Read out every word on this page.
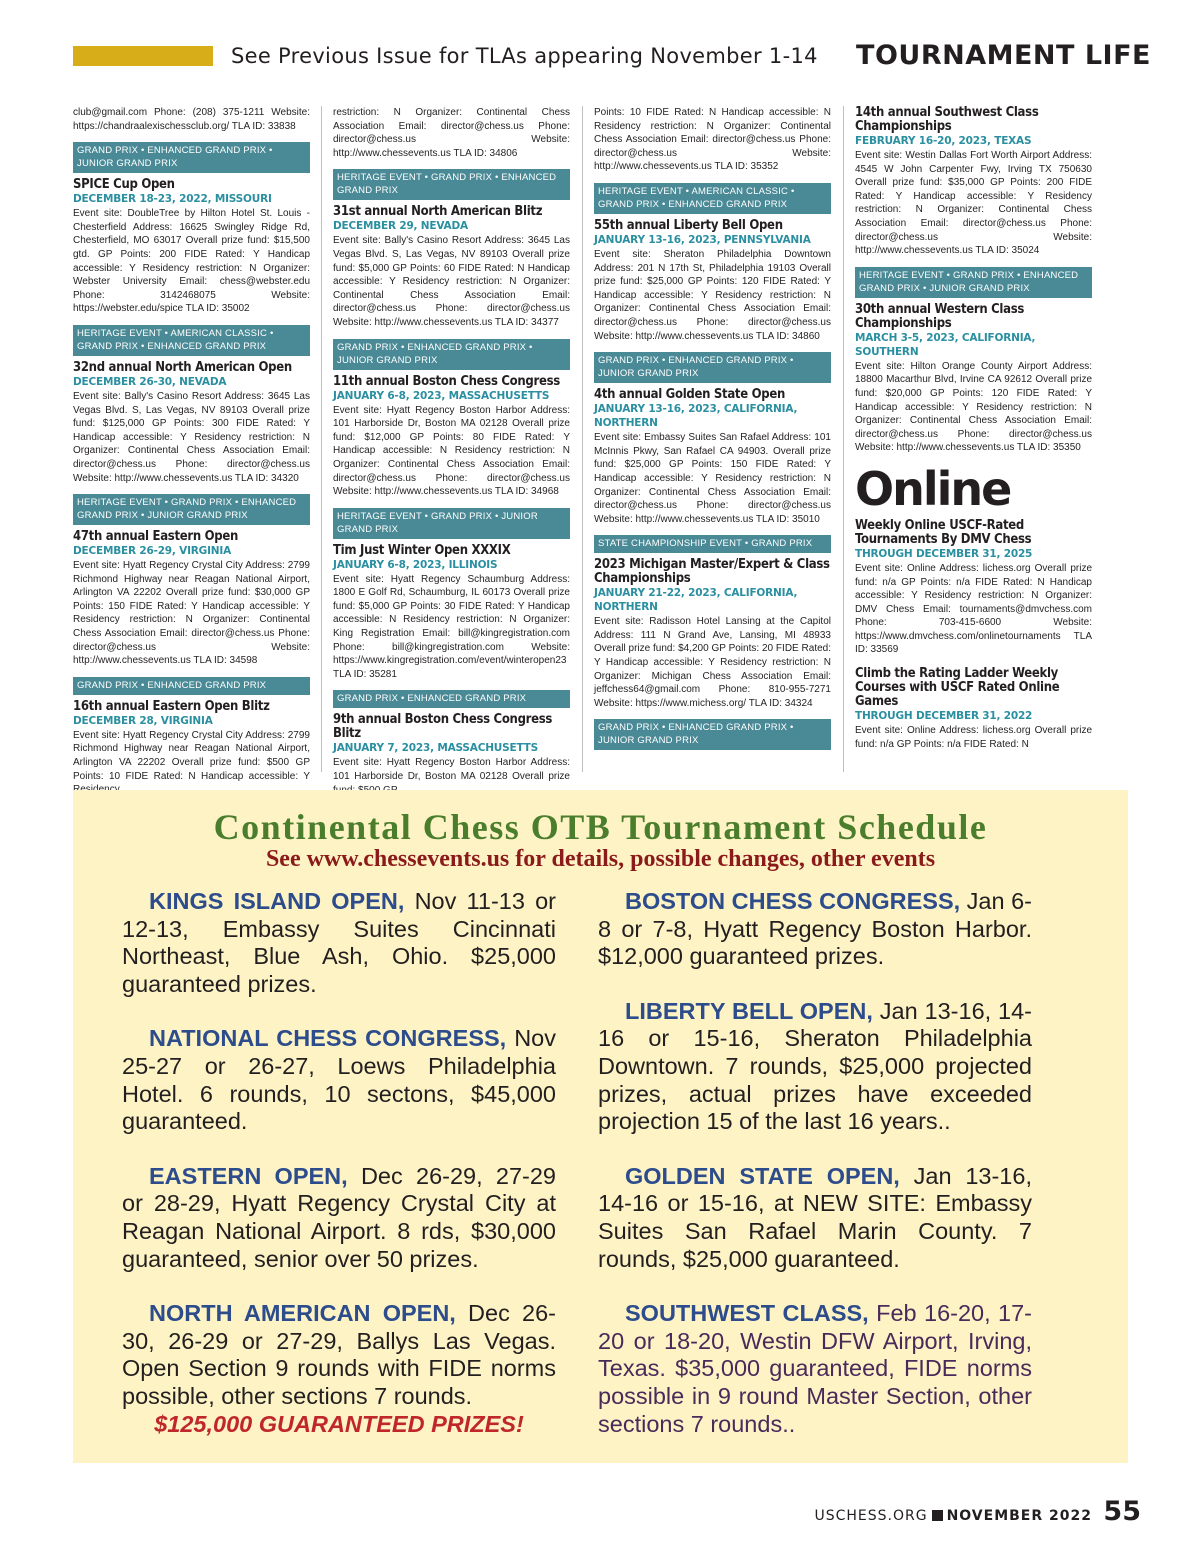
See Previous Issue for TLAs appearing November 1-14 TOURNAMENT LIFE
club@gmail.com Phone: (208) 375-1211 Website: https://chandraalexischessclub.org/ TLA ID: 33838
GRAND PRIX • ENHANCED GRAND PRIX • JUNIOR GRAND PRIX
SPICE Cup Open
DECEMBER 18-23, 2022, MISSOURI
Event site: DoubleTree by Hilton Hotel St. Louis - Chesterfield Address: 16625 Swingley Ridge Rd, Chesterfield, MO 63017 Overall prize fund: $15,500 gtd. GP Points: 200 FIDE Rated: Y Handicap accessible: Y Residency restriction: N Organizer: Webster University Email: chess@webster.edu Phone: 3142468075 Website: https://webster.edu/spice TLA ID: 35002
HERITAGE EVENT • AMERICAN CLASSIC • GRAND PRIX • ENHANCED GRAND PRIX
32nd annual North American Open
DECEMBER 26-30, NEVADA
Event site: Bally's Casino Resort Address: 3645 Las Vegas Blvd. S, Las Vegas, NV 89103 Overall prize fund: $125,000 GP Points: 300 FIDE Rated: Y Handicap accessible: Y Residency restriction: N Organizer: Continental Chess Association Email: director@chess.us Phone: director@chess.us Website: http://www.chessevents.us TLA ID: 34320
HERITAGE EVENT • GRAND PRIX • ENHANCED GRAND PRIX • JUNIOR GRAND PRIX
47th annual Eastern Open
DECEMBER 26-29, VIRGINIA
Event site: Hyatt Regency Crystal City Address: 2799 Richmond Highway near Reagan National Airport, Arlington VA 22202 Overall prize fund: $30,000 GP Points: 150 FIDE Rated: Y Handicap accessible: Y Residency restriction: N Organizer: Continental Chess Association Email: director@chess.us Phone: director@chess.us Website: http://www.chessevents.us TLA ID: 34598
GRAND PRIX • ENHANCED GRAND PRIX
16th annual Eastern Open Blitz
DECEMBER 28, VIRGINIA
Event site: Hyatt Regency Crystal City Address: 2799 Richmond Highway near Reagan National Airport, Arlington VA 22202 Overall prize fund: $500 GP Points: 10 FIDE Rated: N Handicap accessible: Y
restriction: N Organizer: Continental Chess Association Email: director@chess.us Phone: director@chess.us Website: http://www.chessevents.us TLA ID: 34806
HERITAGE EVENT • GRAND PRIX • ENHANCED GRAND PRIX
31st annual North American Blitz
DECEMBER 29, NEVADA
Event site: Bally's Casino Resort Address: 3645 Las Vegas Blvd. S, Las Vegas, NV 89103 Overall prize fund: $5,000 GP Points: 60 FIDE Rated: N Handicap accessible: Y Residency restriction: N Organizer: Continental Chess Association Email: director@chess.us Phone: director@chess.us Website: http://www.chessevents.us TLA ID: 34377
GRAND PRIX • ENHANCED GRAND PRIX • JUNIOR GRAND PRIX
11th annual Boston Chess Congress
JANUARY 6-8, 2023, MASSACHUSETTS
Event site: Hyatt Regency Boston Harbor Address: 101 Harborside Dr, Boston MA 02128 Overall prize fund: $12,000 GP Points: 80 FIDE Rated: Y Handicap accessible: N Residency restriction: N Organizer: Continental Chess Association Email: director@chess.us Phone: director@chess.us Website: http://www.chessevents.us TLA ID: 34968
HERITAGE EVENT • GRAND PRIX • JUNIOR GRAND PRIX
Tim Just Winter Open XXXIX
JANUARY 6-8, 2023, ILLINOIS
Event site: Hyatt Regency Schaumburg Address: 1800 E Golf Rd, Schaumburg, IL 60173 Overall prize fund: $5,000 GP Points: 30 FIDE Rated: Y Handicap accessible: N Residency restriction: N Organizer: King Registration Email: bill@kingregistration.com Phone: bill@kingregistration.com Website: https://www.kingregistration.com/event/winteropen23 TLA ID: 35281
GRAND PRIX • ENHANCED GRAND PRIX
9th annual Boston Chess Congress Blitz
JANUARY 7, 2023, MASSACHUSETTS
Event site: Hyatt Regency Boston Harbor Address: 101 Harborside Dr, Boston MA 02128 Overall prize
Points: 10 FIDE Rated: N Handicap accessible: N Residency restriction: N Organizer: Continental Chess Association Email: director@chess.us Phone: director@chess.us Website: http://www.chessevents.us TLA ID: 35352
HERITAGE EVENT • AMERICAN CLASSIC • GRAND PRIX • ENHANCED GRAND PRIX
55th annual Liberty Bell Open
JANUARY 13-16, 2023, PENNSYLVANIA
Event site: Sheraton Philadelphia Downtown Address: 201 N 17th St, Philadelphia 19103 Overall prize fund: $25,000 GP Points: 120 FIDE Rated: Y Handicap accessible: Y Residency restriction: N Organizer: Continental Chess Association Email: director@chess.us Phone: director@chess.us Website: http://www.chessevents.us TLA ID: 34860
GRAND PRIX • ENHANCED GRAND PRIX • JUNIOR GRAND PRIX
4th annual Golden State Open
JANUARY 13-16, 2023, CALIFORNIA, NORTHERN
Event site: Embassy Suites San Rafael Address: 101 McInnis Pkwy, San Rafael CA 94903. Overall prize fund: $25,000 GP Points: 150 FIDE Rated: Y Handicap accessible: Y Residency restriction: N Organizer: Continental Chess Association Email: director@chess.us Phone: director@chess.us Website: http://www.chessevents.us TLA ID: 35010
STATE CHAMPIONSHIP EVENT • GRAND PRIX
2023 Michigan Master/Expert & Class Championships
JANUARY 21-22, 2023, CALIFORNIA, NORTHERN
Event site: Radisson Hotel Lansing at the Capitol Address: 111 N Grand Ave, Lansing, MI 48933 Overall prize fund: $4,200 GP Points: 20 FIDE Rated: Y Handicap accessible: Y Residency restriction: N Organizer: Michigan Chess Association Email: jeffchess64@gmail.com Phone: 810-955-7271 Website: https://www.michess.org/ TLA ID: 34324
GRAND PRIX • ENHANCED GRAND PRIX • JUNIOR GRAND PRIX
14th annual Southwest Class Championships
FEBRUARY 16-20, 2023, TEXAS
Event site: Westin Dallas Fort Worth Airport Address: 4545 W John Carpenter Fwy, Irving TX 750630 Overall prize fund: $35,000 GP Points: 200 FIDE Rated: Y Handicap accessible: Y Residency restriction: N Organizer: Continental Chess Association Email: director@chess.us Phone: director@chess.us Website: http://www.chessevents.us TLA ID: 35024
HERITAGE EVENT • GRAND PRIX • ENHANCED GRAND PRIX • JUNIOR GRAND PRIX
30th annual Western Class Championships
MARCH 3-5, 2023, CALIFORNIA, SOUTHERN
Event site: Hilton Orange County Airport Address: 18800 Macarthur Blvd, Irvine CA 92612 Overall prize fund: $20,000 GP Points: 120 FIDE Rated: Y Handicap accessible: Y Residency restriction: N Organizer: Continental Chess Association Email: director@chess.us Phone: director@chess.us Website: http://www.chessevents.us TLA ID: 35350
Online
Weekly Online USCF-Rated Tournaments By DMV Chess
THROUGH DECEMBER 31, 2025
Event site: Online Address: lichess.org Overall prize fund: n/a GP Points: n/a FIDE Rated: N Handicap accessible: Y Residency restriction: N Organizer: DMV Chess Email: tournaments@dmvchess.com Phone: 703-415-6600 Website: https://www.dmvchess.com/onlinetournaments TLA ID: 33569
Climb the Rating Ladder Weekly Courses with USCF Rated Online Games
THROUGH DECEMBER 31, 2022
Event site: Online Address: lichess.org Overall prize fund: n/a GP Points: n/a FIDE Rated: N
Continental Chess OTB Tournament Schedule
See www.chessevents.us for details, possible changes, other events

KINGS ISLAND OPEN, Nov 11-13 or 12-13, Embassy Suites Cincinnati Northeast, Blue Ash, Ohio. $25,000 guaranteed prizes.

NATIONAL CHESS CONGRESS, Nov 25-27 or 26-27, Loews Philadelphia Hotel. 6 rounds, 10 sectons, $45,000 guaranteed.

EASTERN OPEN, Dec 26-29, 27-29 or 28-29, Hyatt Regency Crystal City at Reagan National Airport. 8 rds, $30,000 guaranteed, senior over 50 prizes.

NORTH AMERICAN OPEN, Dec 26-30, 26-29 or 27-29, Ballys Las Vegas. Open Section 9 rounds with FIDE norms possible, other sections 7 rounds.
$125,000 GUARANTEED PRIZES!

BOSTON CHESS CONGRESS, Jan 6-8 or 7-8, Hyatt Regency Boston Harbor. $12,000 guaranteed prizes.

LIBERTY BELL OPEN, Jan 13-16, 14-16 or 15-16, Sheraton Philadelphia Downtown. 7 rounds, $25,000 projected prizes, actual prizes have exceeded projection 15 of the last 16 years..

GOLDEN STATE OPEN, Jan 13-16, 14-16 or 15-16, at NEW SITE: Embassy Suites San Rafael Marin County. 7 rounds, $25,000 guaranteed.

SOUTHWEST CLASS, Feb 16-20, 17-20 or 18-20, Westin DFW Airport, Irving, Texas. $35,000 guaranteed, FIDE norms possible in 9 round Master Section, other sections 7 rounds..

USCHESS.ORG NOVEMBER 2022 55
